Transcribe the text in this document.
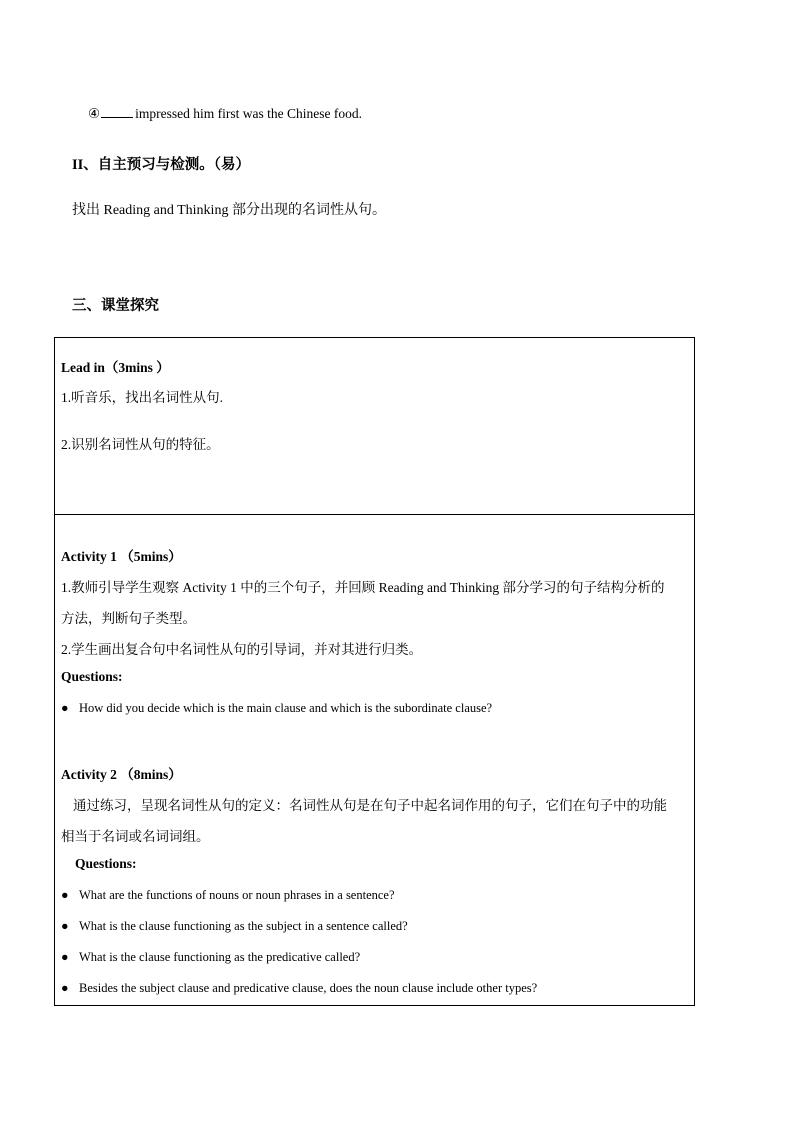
④	impressed him first was the Chinese food.
II、自主预习与检测。（易）
找出 Reading and Thinking 部分出现的名词性从句。
三、课堂探究
Lead in（3mins ）
1.听音乐，找出名词性从句.
2.识别名词性从句的特征。
Activity 1 （5mins）
1.教师引导学生观察 Activity 1 中的三个句子，并回顾 Reading and Thinking 部分学习的句子结构分析的
方法，判断句子类型。
2.学生画出复合句中名词性从句的引导词，并对其进行归类。
Questions:
● How did you decide which is the main clause and which is the subordinate clause?
Activity 2 （8mins）
通过练习，呈现名词性从句的定义：名词性从句是在句子中起名词作用的句子，它们在句子中的功能
相当于名词或名词词组。
Questions:
● What are the functions of nouns or noun phrases in a sentence?
● What is the clause functioning as the subject in a sentence called?
● What is the clause functioning as the predicative called?
● Besides the subject clause and predicative clause, does the noun clause include other types?
